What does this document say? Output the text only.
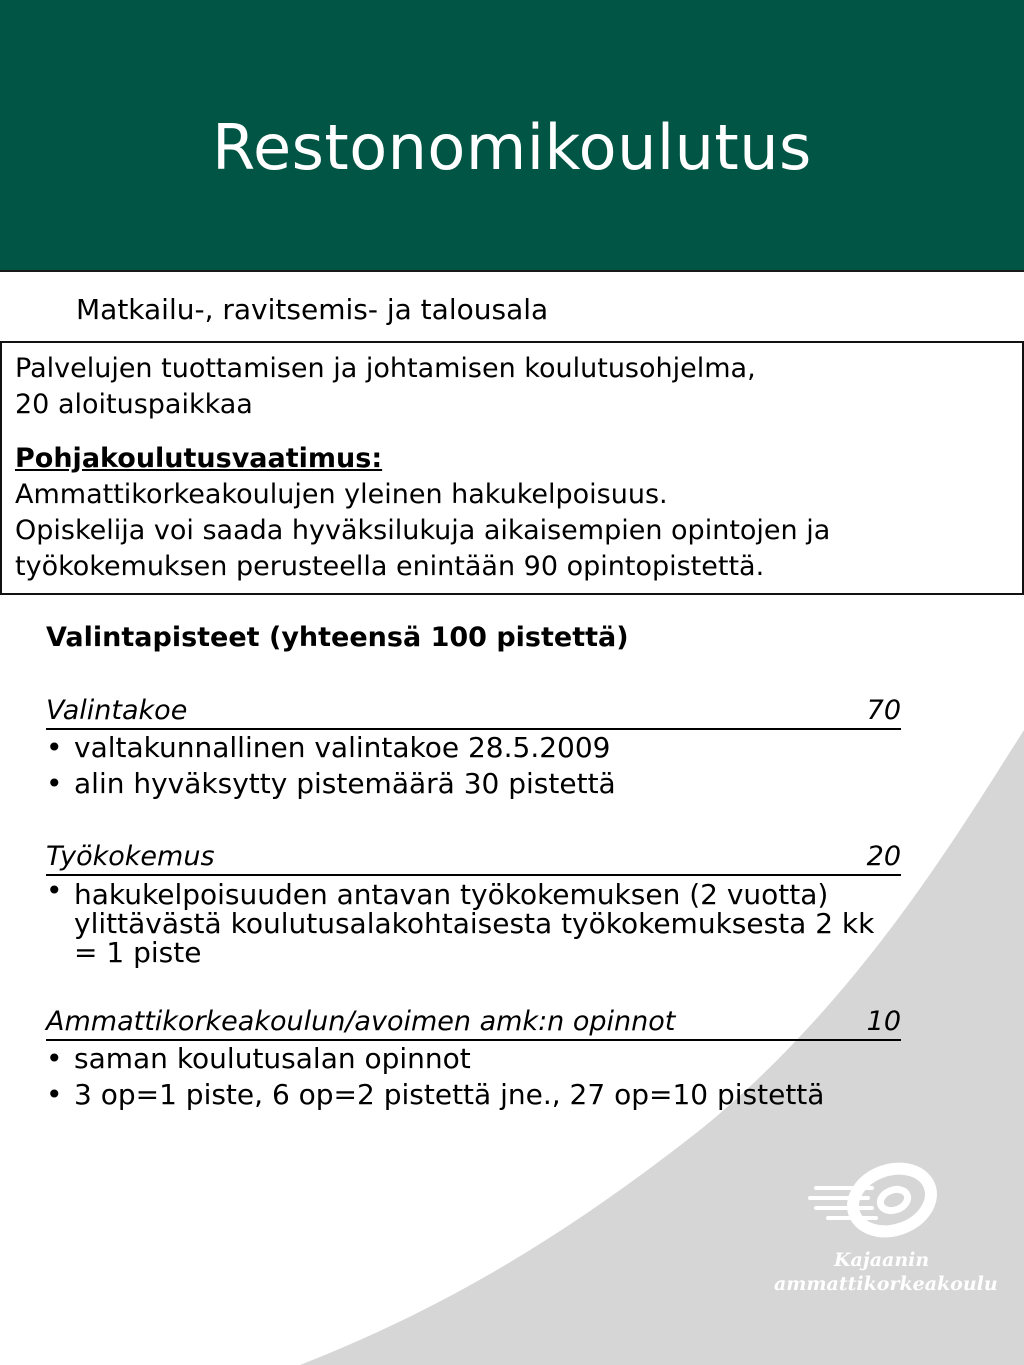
Restonomikoulutus
Matkailu-, ravitsemis- ja talousala
Palvelujen tuottamisen ja johtamisen koulutusohjelma,
20 aloituspaikkaa
Pohjakoulutusvaatimus:
Ammattikorkeakoulujen yleinen hakukelpoisuus.
Opiskelija voi saada hyväksilukuja aikaisempien opintojen ja
työkokemuksen perusteella enintään 90 opintopistettä.
Valintapisteet (yhteensä 100 pistettä)
Valintakoe	70
• valtakunnallinen valintakoe 28.5.2009
• alin hyväksytty pistemäärä 30 pistettä
Työkokemus	20
• hakukelpoisuuden antavan työkokemuksen (2 vuotta) ylittävästä koulutusalakohtaisesta työkokemuksesta 2 kk = 1 piste
Ammattikorkeakoulun/avoimen amk:n opinnot	10
• saman koulutusalan opinnot
• 3 op=1 piste, 6 op=2 pistettä jne., 27 op=10 pistettä
Kajaanin
ammattikorkeakoulu
